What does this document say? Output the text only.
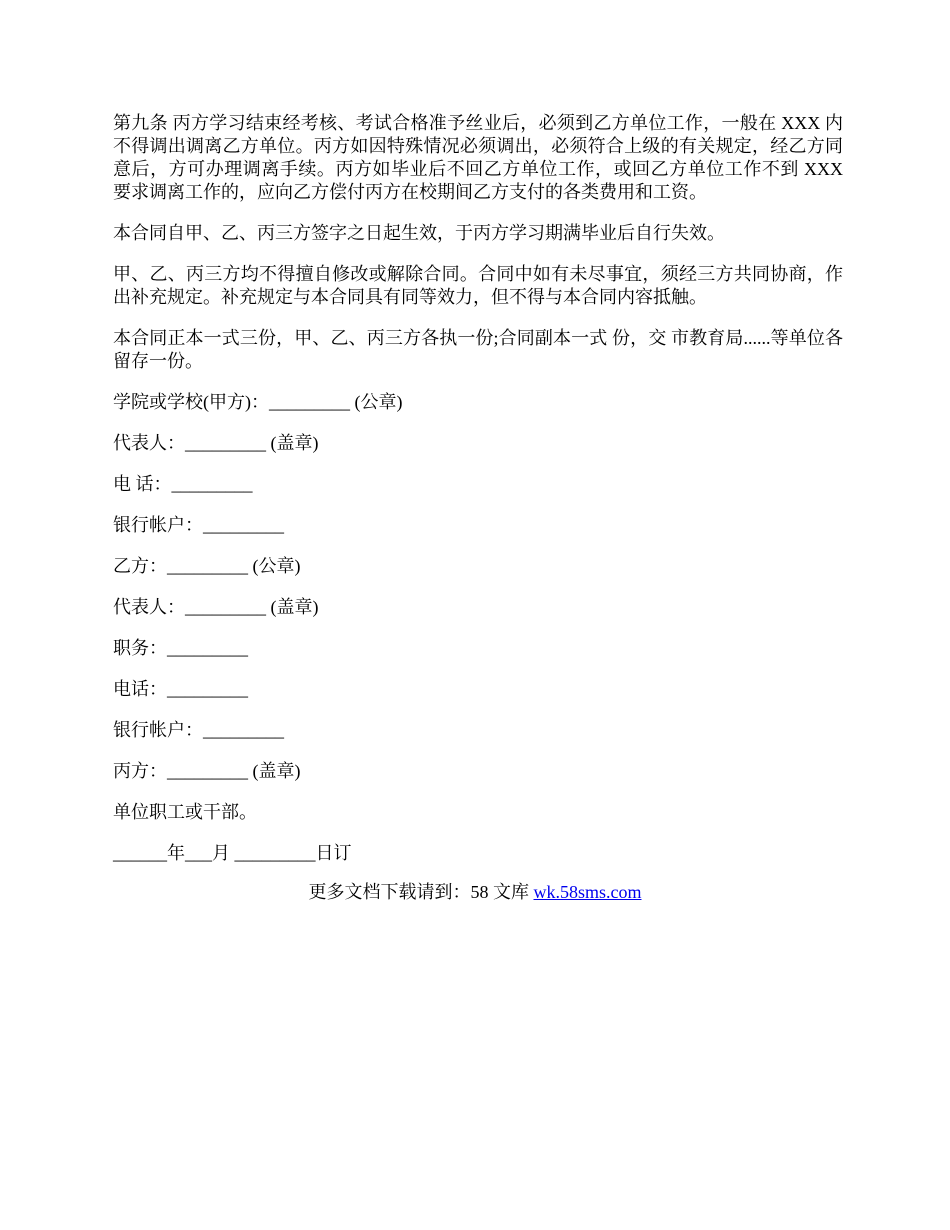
第九条 丙方学习结束经考核、考试合格准予丝业后，必须到乙方单位工作，一般在 XXX 内不得调出调离乙方单位。丙方如因特殊情况必须调出，必须符合上级的有关规定，经乙方同意后，方可办理调离手续。丙方如毕业后不回乙方单位工作，或回乙方单位工作不到 XXX 要求调离工作的，应向乙方偿付丙方在校期间乙方支付的各类费用和工资。

本合同自甲、乙、丙三方签字之日起生效，于丙方学习期满毕业后自行失效。

甲、乙、丙三方均不得擅自修改或解除合同。合同中如有未尽事宜，须经三方共同协商，作出补充规定。补充规定与本合同具有同等效力，但不得与本合同内容抵触。

本合同正本一式三份，甲、乙、丙三方各执一份;合同副本一式 份，交 市教育局......等单位各留存一份。

学院或学校(甲方)：_________ (公章)
代表人：_________ (盖章)
电 话：_________
银行帐户：_________
乙方：_________ (公章)
代表人：_________ (盖章)
职务：_________
电话：_________
银行帐户：_________
丙方：_________ (盖章)
单位职工或干部。
______年___月 _________日订
更多文档下载请到：58 文库 wk.58sms.com
